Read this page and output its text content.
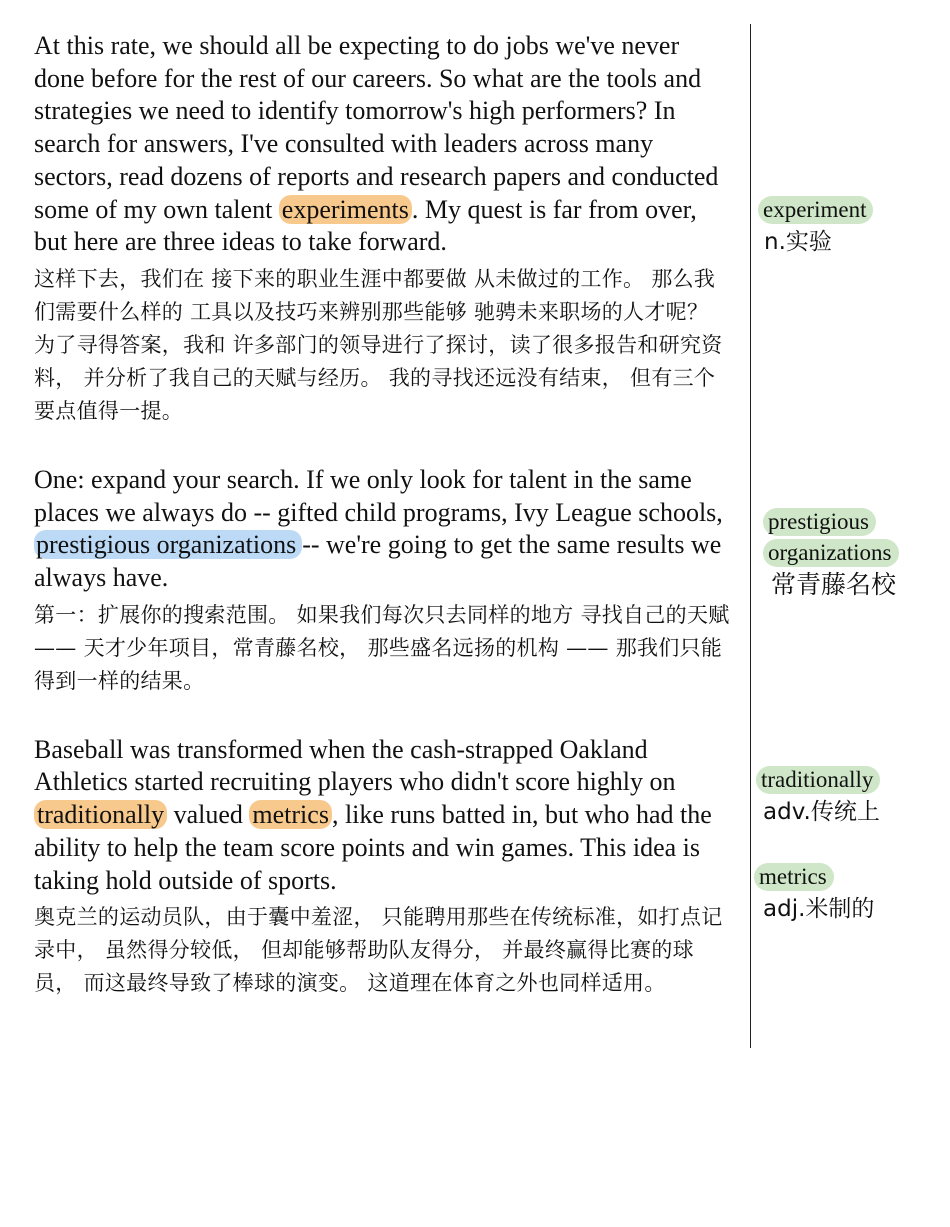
At this rate, we should all be expecting to do jobs we've never done before for the rest of our careers. So what are the tools and strategies we need to identify tomorrow's high performers? In search for answers, I've consulted with leaders across many sectors, read dozens of reports and research papers and conducted some of my own talent experiments . My quest is far from over, but here are three ideas to take forward.

这样下去，我们在 接下来的职业生涯中都要做 从未做过的工作。 那么我们需要什么样的 工具以及技巧来辨别那些能够 驰骋未来职场的人才呢？ 为了寻得答案，我和 许多部门的领导进行了探讨，读了很多报告和研究资料， 并分析了我自己的天赋与经历。 我的寻找还远没有结束， 但有三个要点值得一提。

One: expand your search. If we only look for talent in the same places we always do -- gifted child programs, Ivy League schools, prestigious organizations -- we're going to get the same results we always have.

第一：扩展你的搜索范围。 如果我们每次只去同样的地方 寻找自己的天赋—— 天才少年项目，常青藤名校， 那些盛名远扬的机构 —— 那我们只能得到一样的结果。

Baseball was transformed when the cash-strapped Oakland Athletics started recruiting players who didn't score highly on traditionally valued metrics , like runs batted in, but who had the ability to help the team score points and win games. This idea is taking hold outside of sports.

奥克兰的运动员队，由于囊中羞涩， 只能聘用那些在传统标准，如打点记录中， 虽然得分较低， 但却能够帮助队友得分， 并最终赢得比赛的球员， 而这最终导致了棒球的演变。 这道理在体育之外也同样适用。

experiment
n.实验
prestigious
organizations
常青藤名校
traditionally
adv.传统上
metrics
adj.米制的
